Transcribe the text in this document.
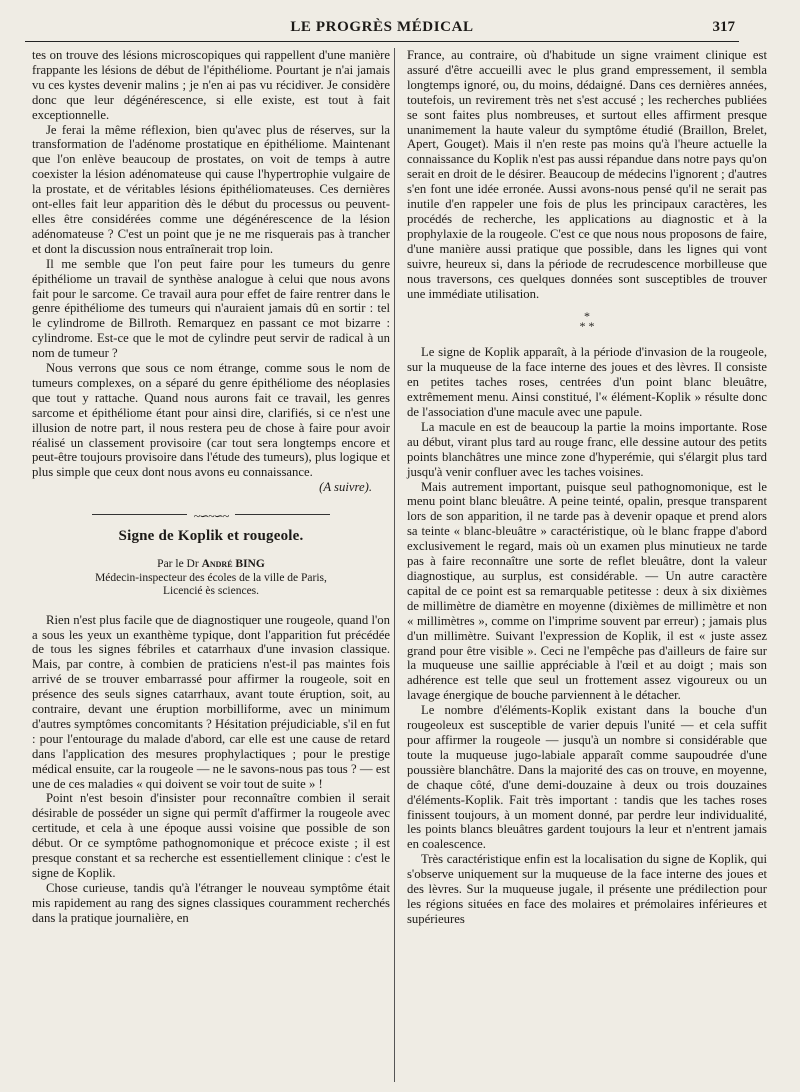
LE PROGRÈS MÉDICAL	317

tes on trouve des lésions microscopiques qui rappellent d'une manière frappante les lésions de début de l'épithéliome. Pourtant je n'ai jamais vu ces kystes devenir malins ; je n'en ai pas vu récidiver. Je considère donc que leur dégénérescence, si elle existe, est tout à fait exceptionnelle.

Je ferai la même réflexion, bien qu'avec plus de réserves, sur la transformation de l'adénome prostatique en épithéliome. Maintenant que l'on enlève beaucoup de prostates, on voit de temps à autre coexister la lésion adénomateuse qui cause l'hypertrophie vulgaire de la prostate, et de véritables lésions épithéliomateuses. Ces dernières ont-elles fait leur apparition dès le début du processus ou peuvent-elles être considérées comme une dégénérescence de la lésion adénomateuse ? C'est un point que je ne me risquerais pas à trancher et dont la discussion nous entraînerait trop loin.

Il me semble que l'on peut faire pour les tumeurs du genre épithéliome un travail de synthèse analogue à celui que nous avons fait pour le sarcome. Ce travail aura pour effet de faire rentrer dans le genre épithéliome des tumeurs qui n'auraient jamais dû en sortir : tel le cylindrome de Billroth. Remarquez en passant ce mot bizarre : cylindrome. Est-ce que le mot de cylindre peut servir de radical à un nom de tumeur ?

Nous verrons que sous ce nom étrange, comme sous le nom de tumeurs complexes, on a séparé du genre épithéliome des néoplasies que tout y rattache. Quand nous aurons fait ce travail, les genres sarcome et épithéliome étant pour ainsi dire, clarifiés, si ce n'est une illusion de notre part, il nous restera peu de chose à faire pour avoir réalisé un classement provisoire (car tout sera longtemps encore et peut-être toujours provisoire dans l'étude des tumeurs), plus logique et plus simple que ceux dont nous avons eu connaissance.

(A suivre).

~∽~∽~
Signe de Koplik et rougeole.
Par le Dr André BING
Médecin-inspecteur des écoles de la ville de Paris,
Licencié ès sciences.

Rien n'est plus facile que de diagnostiquer une rougeole, quand l'on a sous les yeux un exanthème typique, dont l'apparition fut précédée de tous les signes fébriles et catarrhaux d'une invasion classique. Mais, par contre, à combien de praticiens n'est-il pas maintes fois arrivé de se trouver embarrassé pour affirmer la rougeole, soit en présence des seuls signes catarrhaux, avant toute éruption, soit, au contraire, devant une éruption morbilliforme, avec un minimum d'autres symptômes concomitants ? Hésitation préjudiciable, s'il en fut : pour l'entourage du malade d'abord, car elle est une cause de retard dans l'application des mesures prophylactiques ; pour le prestige médical ensuite, car la rougeole — ne le savons-nous pas tous ? — est une de ces maladies « qui doivent se voir tout de suite » !

Point n'est besoin d'insister pour reconnaître combien il serait désirable de posséder un signe qui permît d'affirmer la rougeole avec certitude, et cela à une époque aussi voisine que possible de son début. Or ce symptôme pathognomonique et précoce existe ; il est presque constant et sa recherche est essentiellement clinique : c'est le signe de Koplik.

Chose curieuse, tandis qu'à l'étranger le nouveau symptôme était mis rapidement au rang des signes classiques couramment recherchés dans la pratique journalière, en

France, au contraire, où d'habitude un signe vraiment clinique est assuré d'être accueilli avec le plus grand empressement, il sembla longtemps ignoré, ou, du moins, dédaigné. Dans ces dernières années, toutefois, un revirement très net s'est accusé ; les recherches publiées se sont faites plus nombreuses, et surtout elles affirment presque unanimement la haute valeur du symptôme étudié (Braillon, Brelet, Apert, Gouget). Mais il n'en reste pas moins qu'à l'heure actuelle la connaissance du Koplik n'est pas aussi répandue dans notre pays qu'on serait en droit de le désirer. Beaucoup de médecins l'ignorent ; d'autres s'en font une idée erronée. Aussi avons-nous pensé qu'il ne serait pas inutile d'en rappeler une fois de plus les principaux caractères, les procédés de recherche, les applications au diagnostic et à la prophylaxie de la rougeole. C'est ce que nous nous proposons de faire, d'une manière aussi pratique que possible, dans les lignes qui vont suivre, heureux si, dans la période de recrudescence morbilleuse que nous traversons, ces quelques données sont susceptibles de trouver une immédiate utilisation.

*
* *

Le signe de Koplik apparaît, à la période d'invasion de la rougeole, sur la muqueuse de la face interne des joues et des lèvres. Il consiste en petites taches roses, centrées d'un point blanc bleuâtre, extrêmement menu. Ainsi constitué, l'« élément-Koplik » résulte donc de l'association d'une macule avec une papule.

La macule en est de beaucoup la partie la moins importante. Rose au début, virant plus tard au rouge franc, elle dessine autour des petits points blanchâtres une mince zone d'hyperémie, qui s'élargit plus tard jusqu'à venir confluer avec les taches voisines.

Mais autrement important, puisque seul pathognomonique, est le menu point blanc bleuâtre. A peine teinté, opalin, presque transparent lors de son apparition, il ne tarde pas à devenir opaque et prend alors sa teinte « blanc-bleuâtre » caractéristique, où le blanc frappe d'abord exclusivement le regard, mais où un examen plus minutieux ne tarde pas à faire reconnaître une sorte de reflet bleuâtre, dont la valeur diagnostique, au surplus, est considérable. — Un autre caractère capital de ce point est sa remarquable petitesse : deux à six dixièmes de millimètre de diamètre en moyenne (dixièmes de millimètre et non « millimètres », comme on l'imprime souvent par erreur) ; jamais plus d'un millimètre. Suivant l'expression de Koplik, il est « juste assez grand pour être visible ». Ceci ne l'empêche pas d'ailleurs de faire sur la muqueuse une saillie appréciable à l'œil et au doigt ; mais son adhérence est telle que seul un frottement assez vigoureux ou un lavage énergique de bouche parviennent à le détacher.

Le nombre d'éléments-Koplik existant dans la bouche d'un rougeoleux est susceptible de varier depuis l'unité — et cela suffit pour affirmer la rougeole — jusqu'à un nombre si considérable que toute la muqueuse jugo-labiale apparaît comme saupoudrée d'une poussière blanchâtre. Dans la majorité des cas on trouve, en moyenne, de chaque côté, d'une demi-douzaine à deux ou trois douzaines d'éléments-Koplik. Fait très important : tandis que les taches roses finissent toujours, à un moment donné, par perdre leur individualité, les points blancs bleuâtres gardent toujours la leur et n'entrent jamais en coalescence.

Très caractéristique enfin est la localisation du signe de Koplik, qui s'observe uniquement sur la muqueuse de la face interne des joues et des lèvres. Sur la muqueuse jugale, il présente une prédilection pour les régions situées en face des molaires et prémolaires inférieures et supérieures
